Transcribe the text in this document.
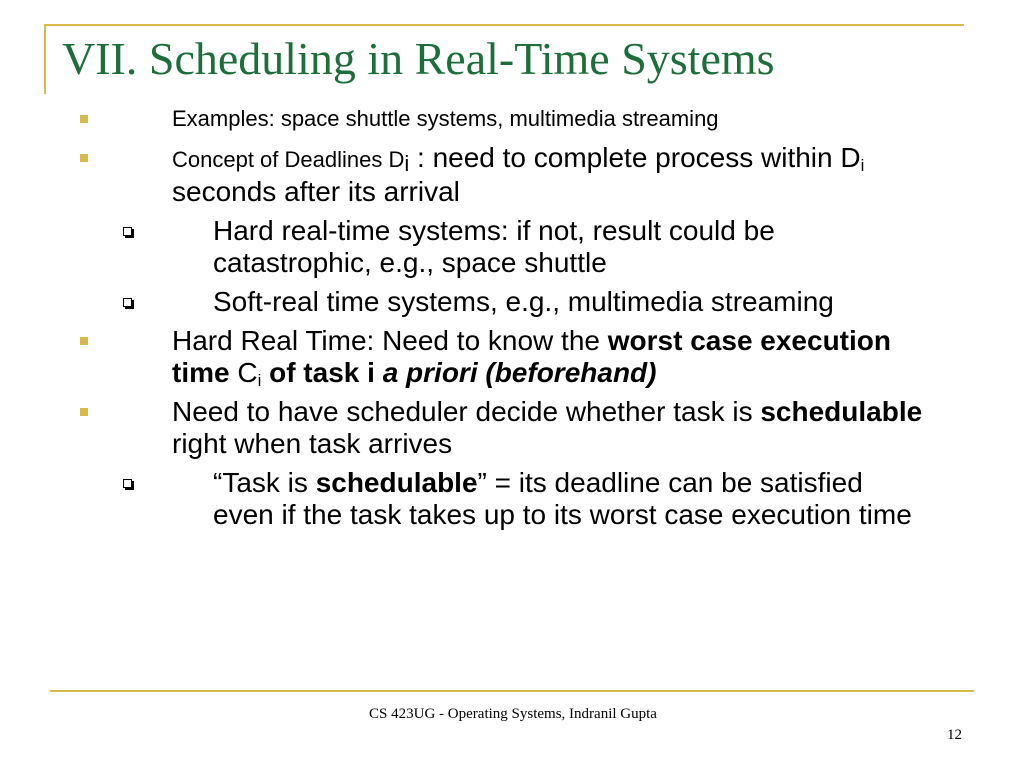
VII. Scheduling in Real-Time Systems
Examples: space shuttle systems, multimedia streaming
Concept of Deadlines $D_i$ : need to complete process within $D_i$ seconds after its arrival
Hard real-time systems: if not, result could be catastrophic, e.g., space shuttle
Soft-real time systems, e.g., multimedia streaming
Hard Real Time: Need to know the worst case execution time $C_i$ of task i a priori (beforehand)
Need to have scheduler decide whether task is schedulable right when task arrives
“Task is schedulable” = its deadline can be satisfied even if the task takes up to its worst case execution time
CS 423UG - Operating Systems, Indranil Gupta
12
